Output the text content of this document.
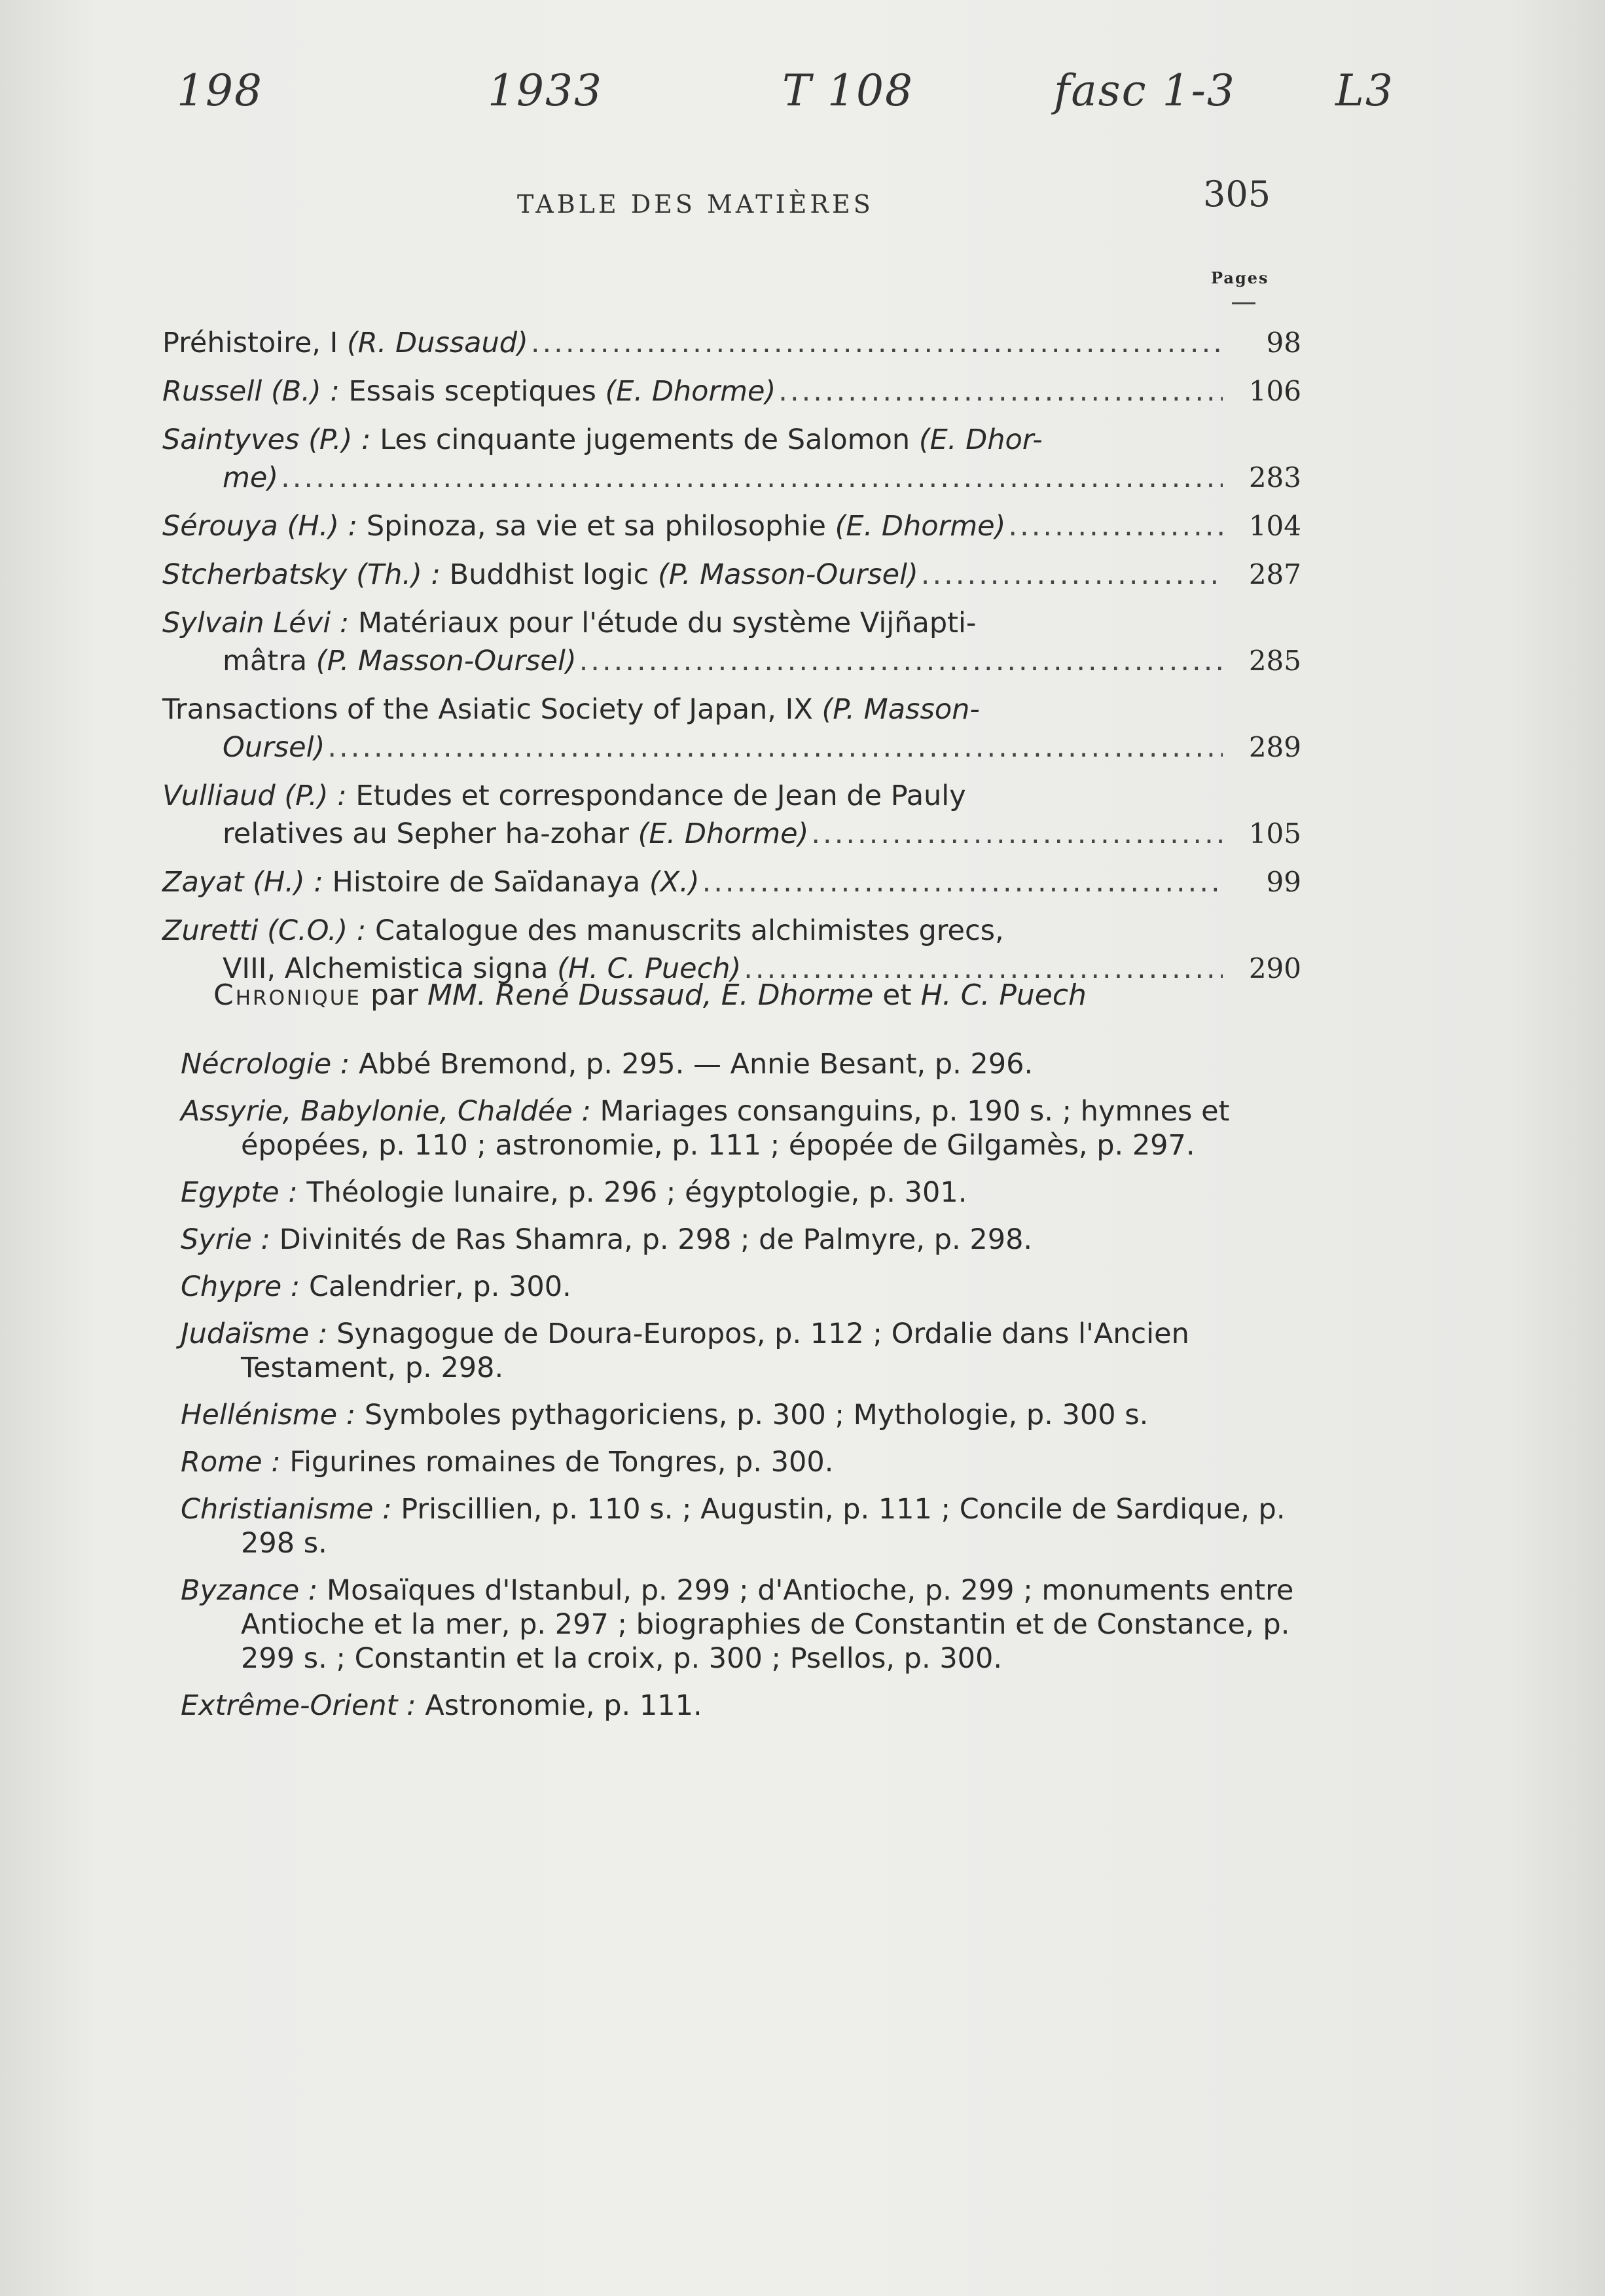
198	1933	T 108	fasc 1-3 L3
TABLE DES MATIÈRES	305
Pages
Préhistoire, I (R. Dussaud) .....	98
Russell (B.) : Essais sceptiques (E. Dhorme) .....	106
Saintyves (P.) : Les cinquante jugements de Salomon (E. Dhor-
me) .....	283
Sérouya (H.) : Spinoza, sa vie et sa philosophie (E. Dhorme) .....	104
Stcherbatsky (Th.) : Buddhist logic (P. Masson-Oursel) .....	287
Sylvain Lévi : Matériaux pour l'étude du système Vijñapti-
mâtra (P. Masson-Oursel) .....	285
Transactions of the Asiatic Society of Japan, IX (P. Masson-
Oursel) .....	289
Vulliaud (P.) : Etudes et correspondance de Jean de Pauly
relatives au Sepher ha-zohar (E. Dhorme) .....	105
Zayat (H.) : Histoire de Saïdanaya (X.) .....	99
Zuretti (C.O.) : Catalogue des manuscrits alchimistes grecs,
VIII, Alchemistica signa (H. C. Puech) .....	290
Chronique par MM. René Dussaud, E. Dhorme et H. C. Puech
Nécrologie : Abbé Bremond, p. 295. — Annie Besant, p. 296.
Assyrie, Babylonie, Chaldée : Mariages consanguins, p. 190 s. ; hymnes et épopées, p. 110 ; astronomie, p. 111 ; épopée de Gilgamès, p. 297.
Egypte : Théologie lunaire, p. 296 ; égyptologie, p. 301.
Syrie : Divinités de Ras Shamra, p. 298 ; de Palmyre, p. 298.
Chypre : Calendrier, p. 300.
Judaïsme : Synagogue de Doura-Europos, p. 112 ; Ordalie dans l'Ancien Testament, p. 298.
Hellénisme : Symboles pythagoriciens, p. 300 ; Mythologie, p. 300 s.
Rome : Figurines romaines de Tongres, p. 300.
Christianisme : Priscillien, p. 110 s. ; Augustin, p. 111 ; Concile de Sardique, p. 298 s.
Byzance : Mosaïques d'Istanbul, p. 299 ; d'Antioche, p. 299 ; monuments entre Antioche et la mer, p. 297 ; biographies de Constantin et de Constance, p. 299 s. ; Constantin et la croix, p. 300 ; Psellos, p. 300.
Extrême-Orient : Astronomie, p. 111.
